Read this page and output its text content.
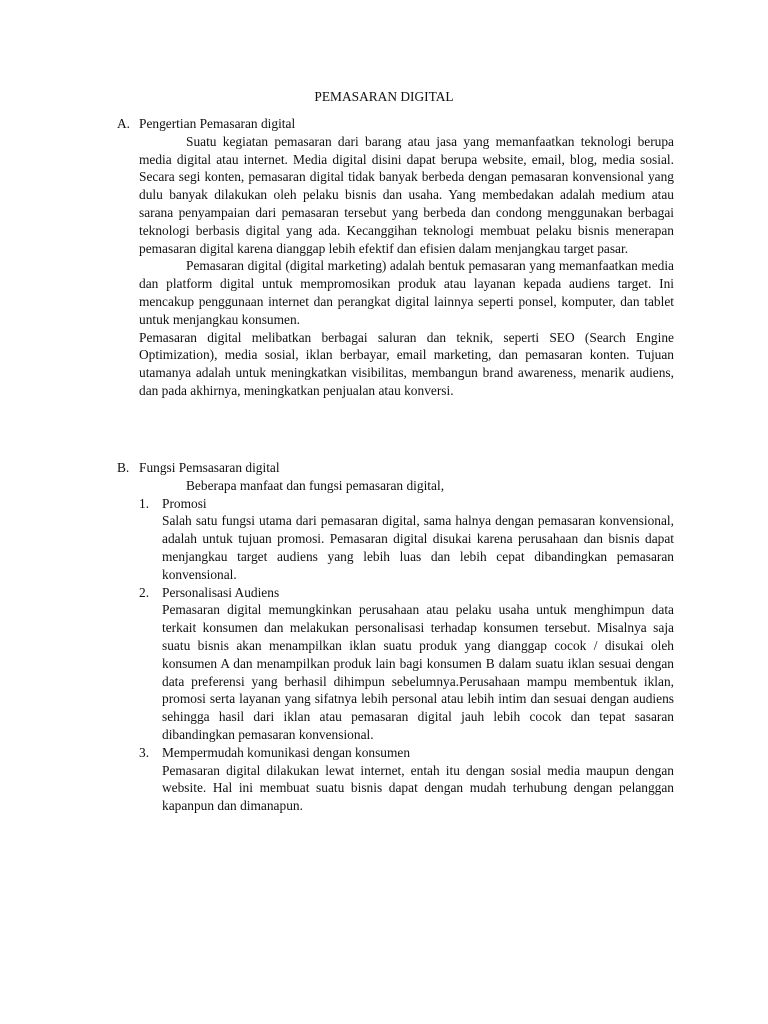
PEMASARAN DIGITAL
A. Pengertian Pemasaran digital

Suatu kegiatan pemasaran dari barang atau jasa yang memanfaatkan teknologi berupa media digital atau internet. Media digital disini dapat berupa website, email, blog, media sosial. Secara segi konten, pemasaran digital tidak banyak berbeda dengan pemasaran konvensional yang dulu banyak dilakukan oleh pelaku bisnis dan usaha. Yang membedakan adalah medium atau sarana penyampaian dari pemasaran tersebut yang berbeda dan condong menggunakan berbagai teknologi berbasis digital yang ada. Kecanggihan teknologi membuat pelaku bisnis menerapan pemasaran digital karena dianggap lebih efektif dan efisien dalam menjangkau target pasar.

Pemasaran digital (digital marketing) adalah bentuk pemasaran yang memanfaatkan media dan platform digital untuk mempromosikan produk atau layanan kepada audiens target. Ini mencakup penggunaan internet dan perangkat digital lainnya seperti ponsel, komputer, dan tablet untuk menjangkau konsumen.

Pemasaran digital melibatkan berbagai saluran dan teknik, seperti SEO (Search Engine Optimization), media sosial, iklan berbayar, email marketing, dan pemasaran konten. Tujuan utamanya adalah untuk meningkatkan visibilitas, membangun brand awareness, menarik audiens, dan pada akhirnya, meningkatkan penjualan atau konversi.

B. Fungsi Pemsasaran digital

Beberapa manfaat dan fungsi pemasaran digital,

1. Promosi

Salah satu fungsi utama dari pemasaran digital, sama halnya dengan pemasaran konvensional, adalah untuk tujuan promosi. Pemasaran digital disukai karena perusahaan dan bisnis dapat menjangkau target audiens yang lebih luas dan lebih cepat dibandingkan pemasaran konvensional.

2. Personalisasi Audiens

Pemasaran digital memungkinkan perusahaan atau pelaku usaha untuk menghimpun data terkait konsumen dan melakukan personalisasi terhadap konsumen tersebut. Misalnya saja suatu bisnis akan menampilkan iklan suatu produk yang dianggap cocok / disukai oleh konsumen A dan menampilkan produk lain bagi konsumen B dalam suatu iklan sesuai dengan data preferensi yang berhasil dihimpun sebelumnya.Perusahaan mampu membentuk iklan, promosi serta layanan yang sifatnya lebih personal atau lebih intim dan sesuai dengan audiens sehingga hasil dari iklan atau pemasaran digital jauh lebih cocok dan tepat sasaran dibandingkan pemasaran konvensional.

3. Mempermudah komunikasi dengan konsumen

Pemasaran digital dilakukan lewat internet, entah itu dengan sosial media maupun dengan website. Hal ini membuat suatu bisnis dapat dengan mudah terhubung dengan pelanggan kapanpun dan dimanapun.
